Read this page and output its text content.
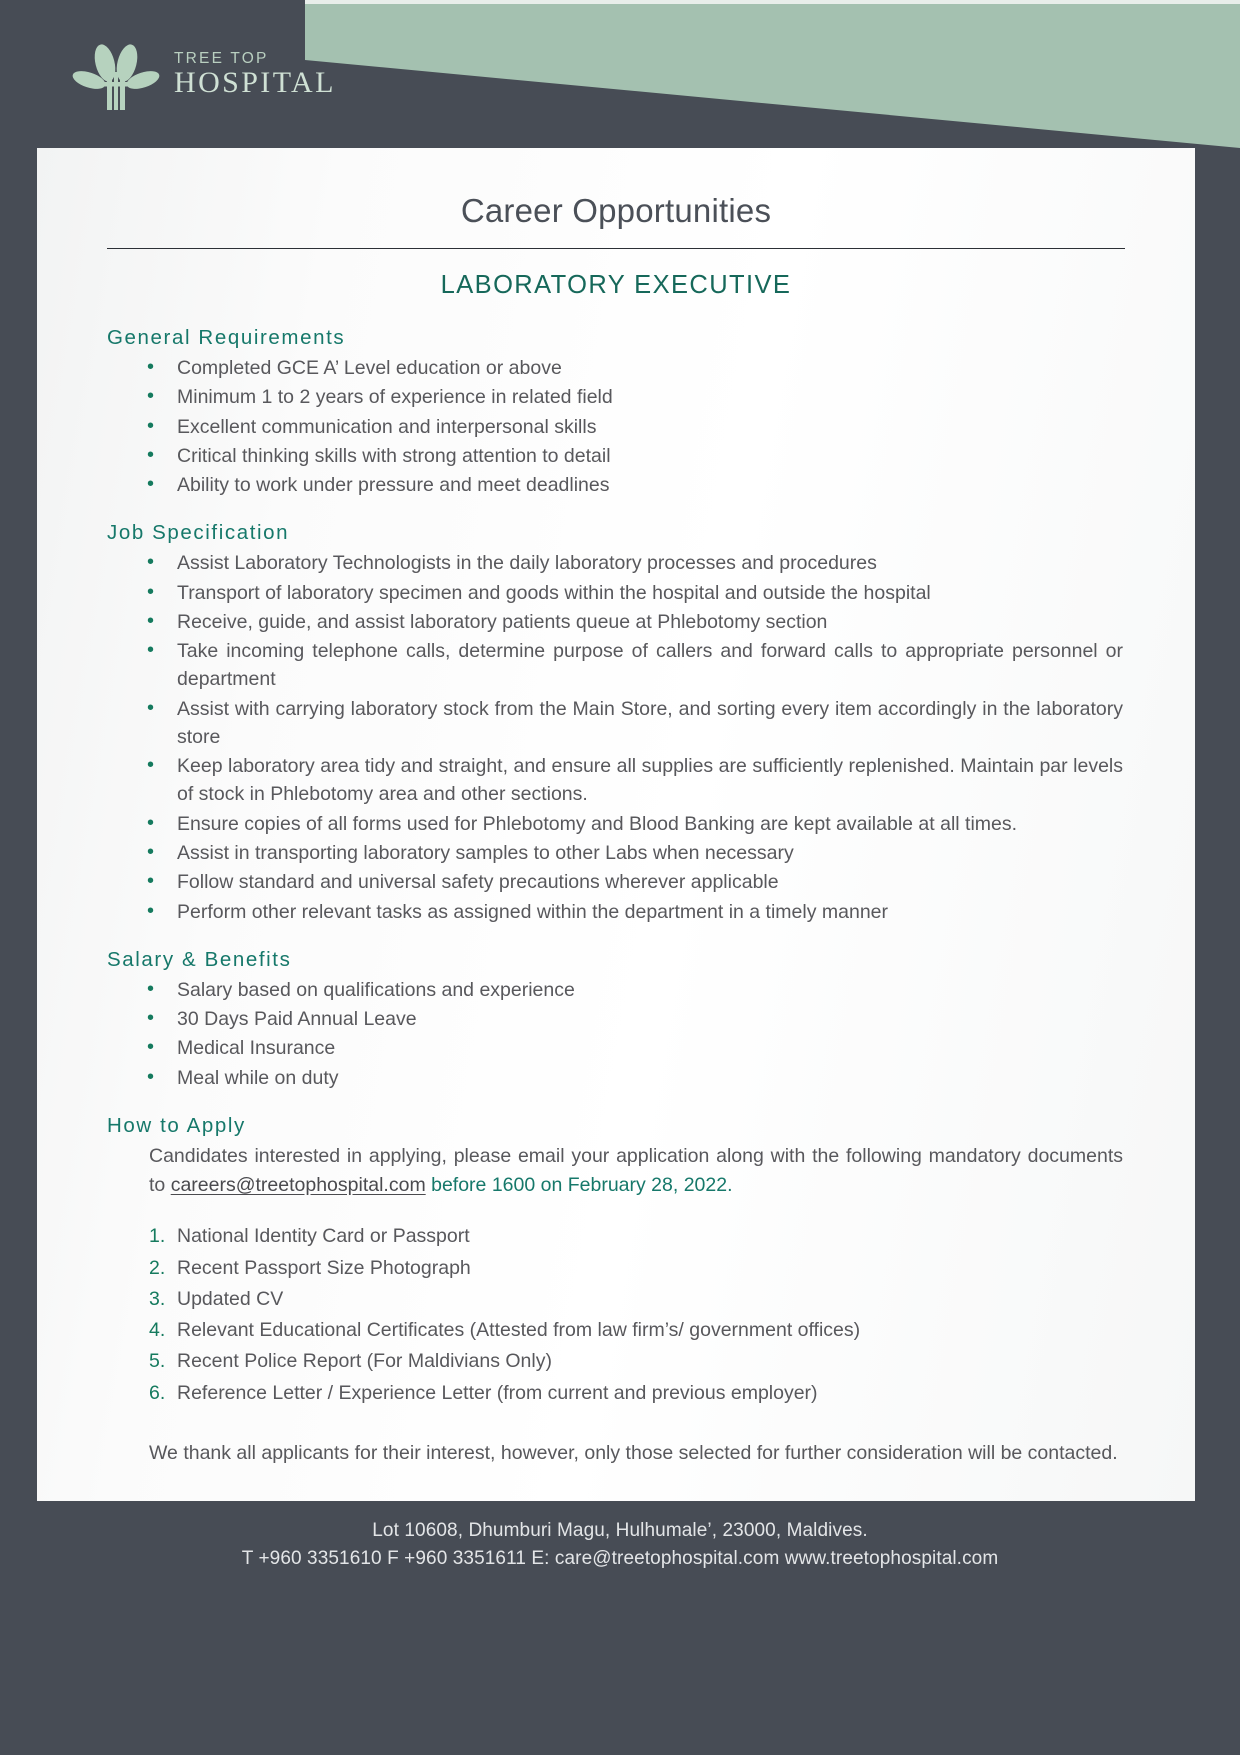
TREE TOP
HOSPITAL
Career Opportunities
LABORATORY EXECUTIVE
General Requirements
• Completed GCE A’ Level education or above
• Minimum 1 to 2 years of experience in related field
• Excellent communication and interpersonal skills
• Critical thinking skills with strong attention to detail
• Ability to work under pressure and meet deadlines
Job Specification
• Assist Laboratory Technologists in the daily laboratory processes and procedures
• Transport of laboratory specimen and goods within the hospital and outside the hospital
• Receive, guide, and assist laboratory patients queue at Phlebotomy section
• Take incoming telephone calls, determine purpose of callers and forward calls to appropriate personnel or department
• Assist with carrying laboratory stock from the Main Store, and sorting every item accordingly in the laboratory store
• Keep laboratory area tidy and straight, and ensure all supplies are sufficiently replenished. Maintain par levels of stock in Phlebotomy area and other sections.
• Ensure copies of all forms used for Phlebotomy and Blood Banking are kept available at all times.
• Assist in transporting laboratory samples to other Labs when necessary
• Follow standard and universal safety precautions wherever applicable
• Perform other relevant tasks as assigned within the department in a timely manner
Salary & Benefits
• Salary based on qualifications and experience
• 30 Days Paid Annual Leave
• Medical Insurance
• Meal while on duty
How to Apply

Candidates interested in applying, please email your application along with the following mandatory documents to careers@treetophospital.com before 1600 on February 28, 2022.

National Identity Card or Passport
Recent Passport Size Photograph
Updated CV
Relevant Educational Certificates (Attested from law firm’s/ government offices)
Recent Police Report (For Maldivians Only)
Reference Letter / Experience Letter (from current and previous employer)

We thank all applicants for their interest, however, only those selected for further consideration will be contacted.

Lot 10608, Dhumburi Magu, Hulhumale’, 23000, Maldives.
T +960 3351610 F +960 3351611 E: care@treetophospital.com www.treetophospital.com
